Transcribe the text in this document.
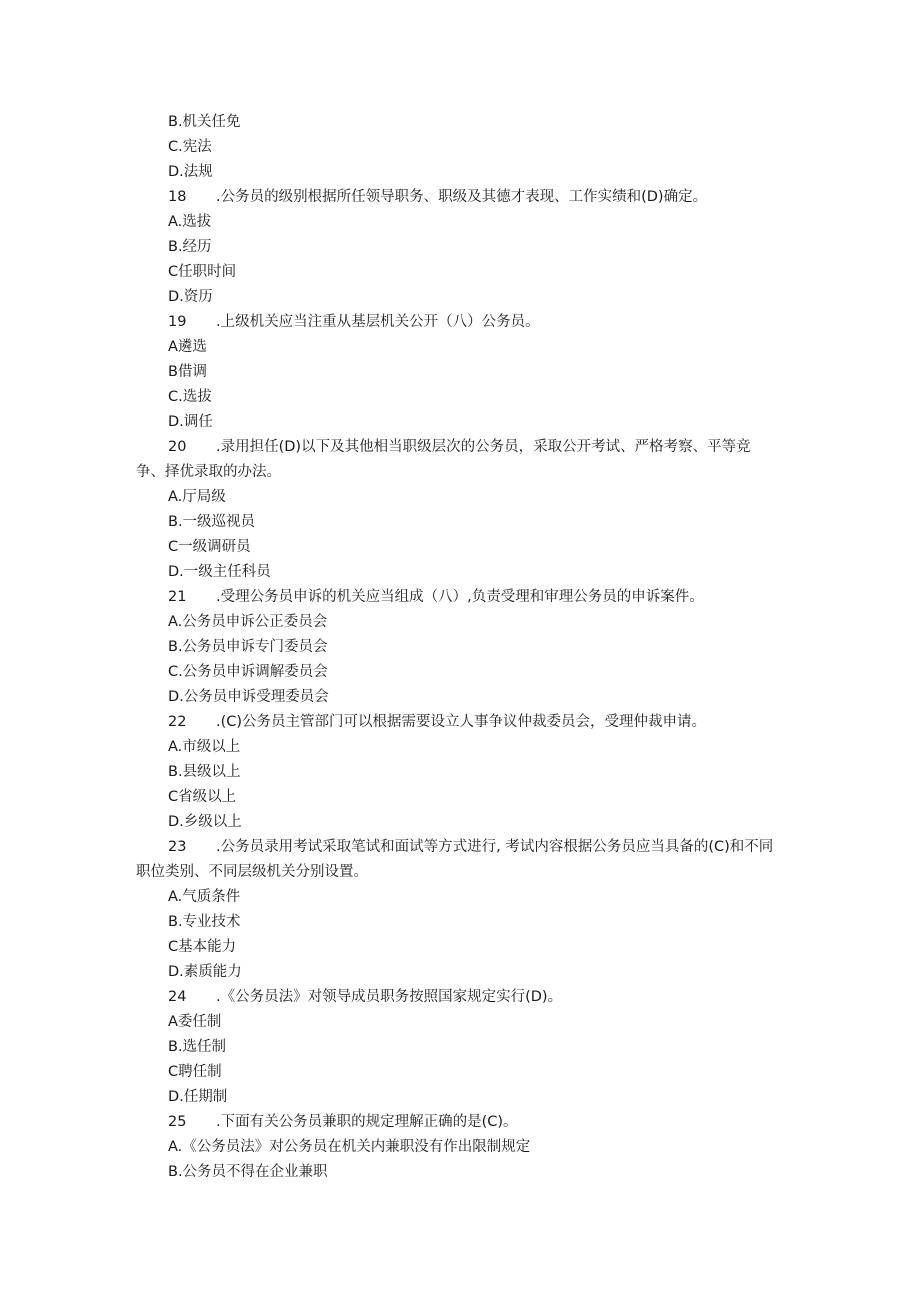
B.机关任免
C.宪法
D.法规
18 .公务员的级别根据所任领导职务、职级及其德才表现、工作实绩和(D)确定。
A.选拔
B.经历
C任职时间
D.资历
19 .上级机关应当注重从基层机关公开（八）公务员。
A遴选
B借调
C.选拔
D.调任
20 .录用担任(D)以下及其他相当职级层次的公务员，采取公开考试、严格考察、平等竞
争、择优录取的办法。
A.厅局级
B.一级巡视员
C一级调研员
D.一级主任科员
21 .受理公务员申诉的机关应当组成（八）,负责受理和审理公务员的申诉案件。
A.公务员申诉公正委员会
B.公务员申诉专门委员会
C.公务员申诉调解委员会
D.公务员申诉受理委员会
22 .(C)公务员主管部门可以根据需要设立人事争议仲裁委员会，受理仲裁申请。
A.市级以上
B.县级以上
C省级以上
D.乡级以上
23 .公务员录用考试采取笔试和面试等方式进行, 考试内容根据公务员应当具备的(C)和不同
职位类别、不同层级机关分别设置。
A.气质条件
B.专业技术
C基本能力
D.素质能力
24 .《公务员法》对领导成员职务按照国家规定实行(D)。
A委任制
B.选任制
C聘任制
D.任期制
25 .下面有关公务员兼职的规定理解正确的是(C)。
A.《公务员法》对公务员在机关内兼职没有作出限制规定
B.公务员不得在企业兼职
